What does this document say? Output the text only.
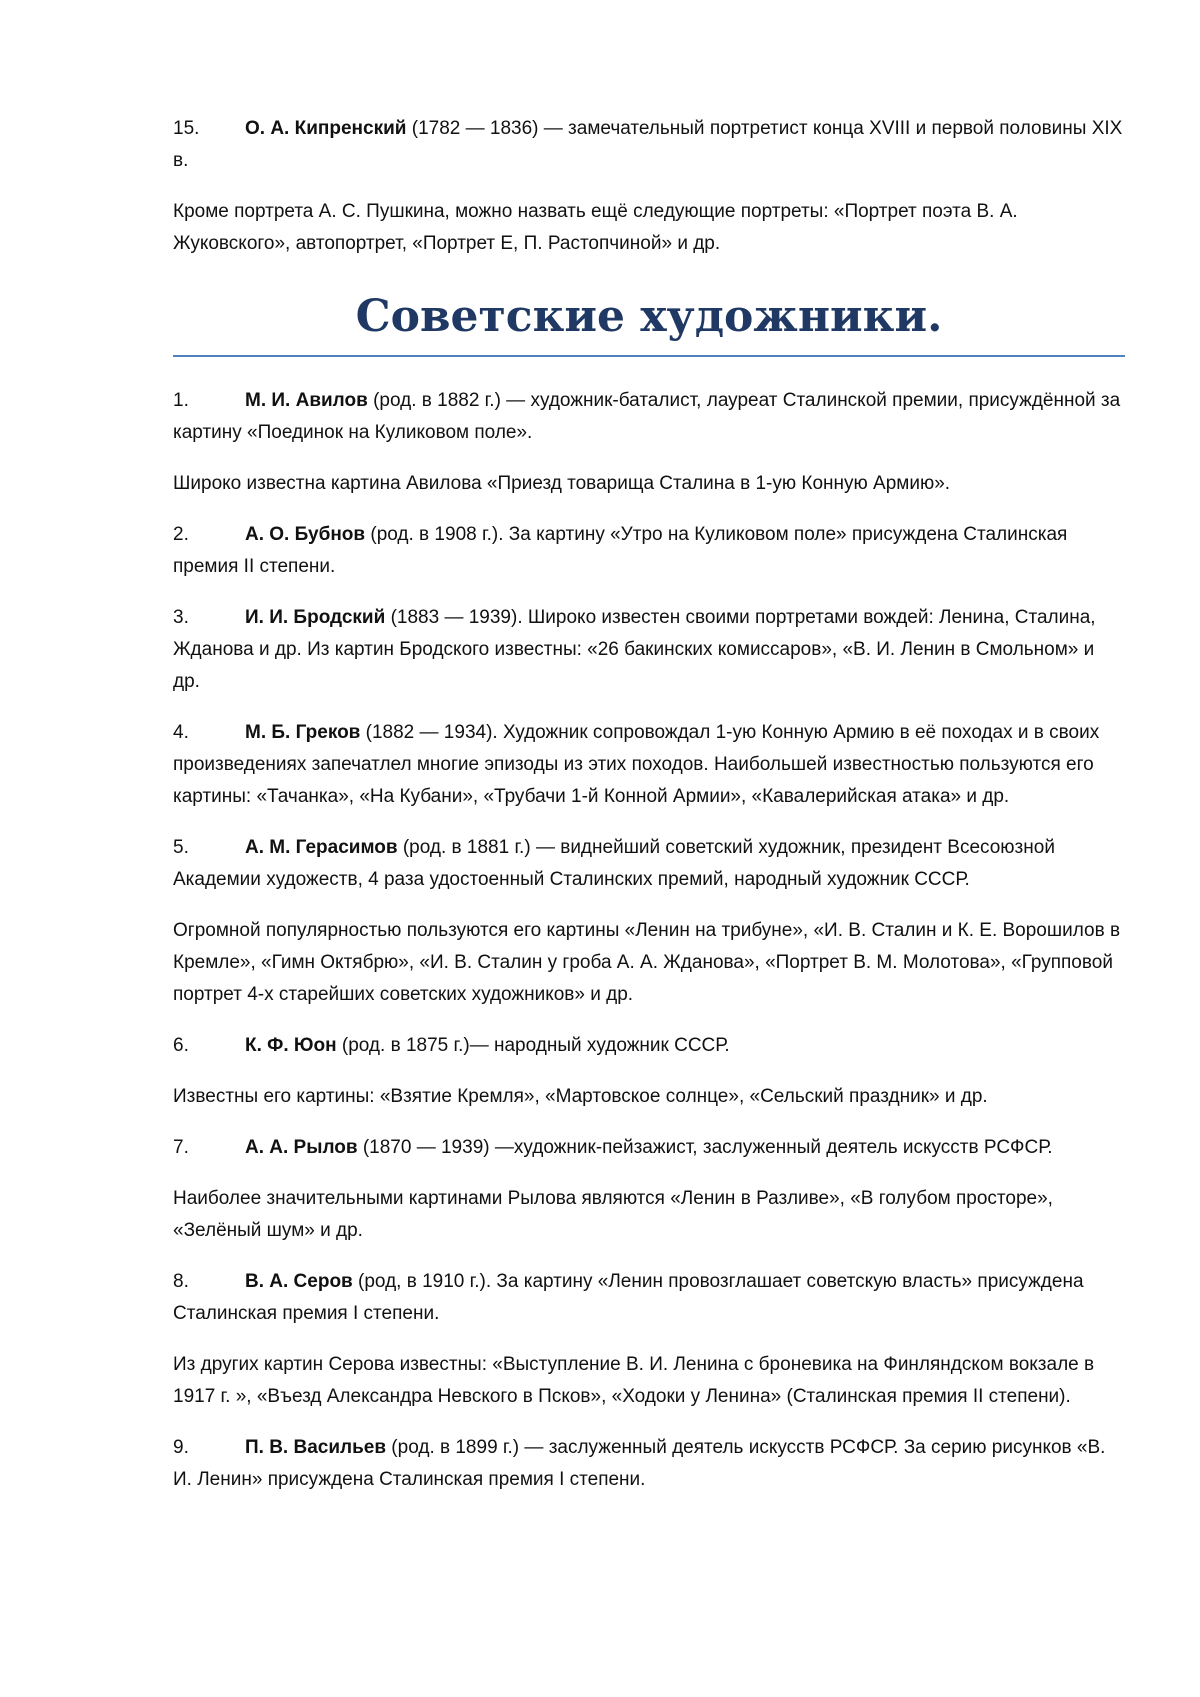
15. О. А. Кипренский (1782 — 1836) — замечательный портретист конца XVIII и первой половины XIX в.

Кроме портрета А. С. Пушкина, можно назвать ещё следующие портреты: «Портрет поэта В. А. Жуковского», автопортрет, «Портрет Е, П. Растопчиной» и др.

Советские художники.

1.	М. И. Авилов (род. в 1882 г.) — художник-баталист, лауреат Сталинской премии, присуждённой за картину «Поединок на Куликовом поле».

Широко известна картина Авилова «Приезд товарища Сталина в 1-ую Конную Армию».

2.	А. О. Бубнов (род. в 1908 г.). За картину «Утро на Куликовом поле» присуждена Сталинская премия II степени.

3.	И. И. Бродский (1883 — 1939). Широко известен своими портретами вождей: Ленина, Сталина, Жданова и др. Из картин Бродского известны: «26 бакинских комиссаров», «В. И. Ленин в Смольном» и др.

4.	М. Б. Греков (1882 — 1934). Художник сопровождал 1-ую Конную Армию в её походах и в своих произведениях запечатлел многие эпизоды из этих походов. Наибольшей известностью пользуются его картины: «Тачанка», «На Кубани», «Трубачи 1-й Конной Армии», «Кавалерийская атака» и др.

5.	А. М. Герасимов (род. в 1881 г.) — виднейший советский художник, президент Всесоюзной Академии художеств, 4 раза удостоенный Сталинских премий, народный художник СССР.

Огромной популярностью пользуются его картины «Ленин на трибуне», «И. В. Сталин и К. Е. Ворошилов в Кремле», «Гимн Октябрю», «И. В. Сталин у гроба А. А. Жданова», «Портрет В. М. Молотова», «Групповой портрет 4-х старейших советских художников» и др.

6.	К. Ф. Юон (род. в 1875 г.)— народный художник СССР.

Известны его картины: «Взятие Кремля», «Мартовское солнце», «Сельский праздник» и др.

7.	А. А. Рылов (1870 — 1939) —художник-пейзажист, заслуженный деятель искусств РСФСР.

Наиболее значительными картинами Рылова являются «Ленин в Разливе», «В голубом просторе», «Зелёный шум» и др.

8.	В. А. Серов (род, в 1910 г.). За картину «Ленин провозглашает советскую власть» присуждена Сталинская премия I степени.

Из других картин Серова известны: «Выступление В. И. Ленина с броневика на Финляндском вокзале в 1917 г. », «Въезд Александра Невского в Псков», «Ходоки у Ленина» (Сталинская премия II степени).

9.	П. В. Васильев (род. в 1899 г.) — заслуженный деятель искусств РСФСР. За серию рисунков «В. И. Ленин» присуждена Сталинская премия I степени.
